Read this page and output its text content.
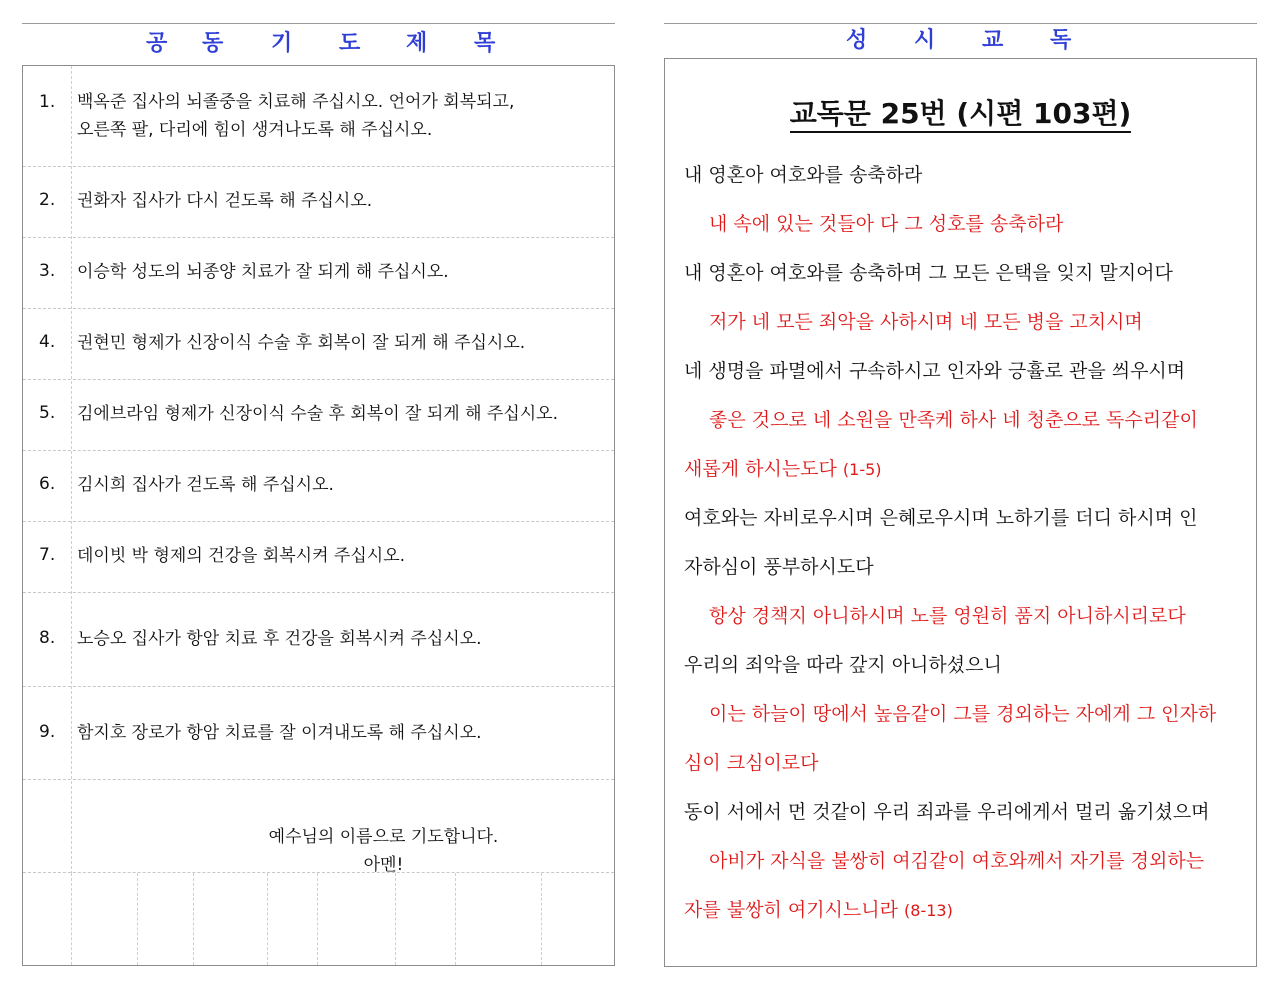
공 동 기 도 제 목
1. 백옥준 집사의 뇌졸중을 치료해 주십시오. 언어가 회복되고,
오른쪽 팔, 다리에 힘이 생겨나도록 해 주십시오.
2. 권화자 집사가 다시 걷도록 해 주십시오.
3. 이승학 성도의 뇌종양 치료가 잘 되게 해 주십시오.
4. 권현민 형제가 신장이식 수술 후 회복이 잘 되게 해 주십시오.
5. 김에브라임 형제가 신장이식 수술 후 회복이 잘 되게 해 주십시오.
6. 김시희 집사가 걷도록 해 주십시오.
7. 데이빗 박 형제의 건강을 회복시켜 주십시오.
8. 노승오 집사가 항암 치료 후 건강을 회복시켜 주십시오.
9. 함지호 장로가 항암 치료를 잘 이겨내도록 해 주십시오.
예수님의 이름으로 기도합니다.
아멘!
성 시 교 독
교독문 25번 (시편 103편)
내 영혼아 여호와를 송축하라
내 속에 있는 것들아 다 그 성호를 송축하라
내 영혼아 여호와를 송축하며 그 모든 은택을 잊지 말지어다
저가 네 모든 죄악을 사하시며 네 모든 병을 고치시며
네 생명을 파멸에서 구속하시고 인자와 긍휼로 관을 씌우시며
좋은 것으로 네 소원을 만족케 하사 네 청춘으로 독수리같이
새롭게 하시는도다 (1-5)
여호와는 자비로우시며 은혜로우시며 노하기를 더디 하시며 인
자하심이 풍부하시도다
항상 경책지 아니하시며 노를 영원히 품지 아니하시리로다
우리의 죄악을 따라 갚지 아니하셨으니
이는 하늘이 땅에서 높음같이 그를 경외하는 자에게 그 인자하
심이 크심이로다
동이 서에서 먼 것같이 우리 죄과를 우리에게서 멀리 옮기셨으며
아비가 자식을 불쌍히 여김같이 여호와께서 자기를 경외하는
자를 불쌍히 여기시느니라 (8-13)
